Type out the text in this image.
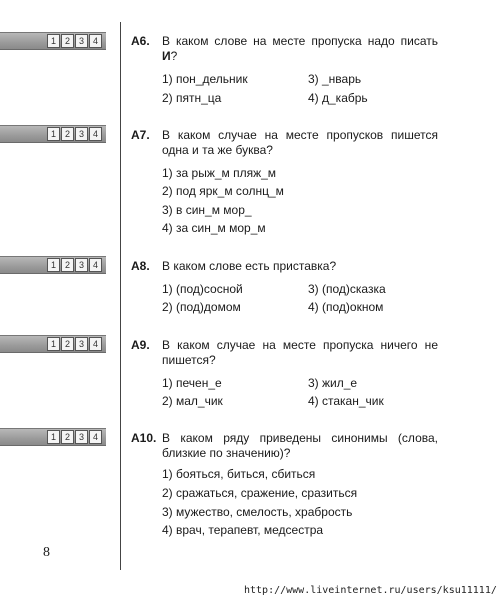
1 2 3 4
1 2 3 4
1 2 3 4
1 2 3 4
1 2 3 4
А6. В каком слове на месте пропуска надо писать И?
1) пон_дельник
2) пятн_ца
3) _нварь
4) д_кабрь
А7. В каком случае на месте пропусков пишется одна и та же буква?
1) за рыж_м пляж_м
2) под ярк_м солнц_м
3) в син_м мор_
4) за син_м мор_м
А8. В каком слове есть приставка?
1) (под)сосной
2) (под)домом
3) (под)сказка
4) (под)окном
А9. В каком случае на месте пропуска ничего не пишется?
1) печен_е
2) мал_чик
3) жил_е
4) стакан_чик
А10. В каком ряду приведены синонимы (слова, близкие по значению)?
1) бояться, биться, сбиться
2) сражаться, сражение, сразиться
3) мужество, смелость, храбрость
4) врач, терапевт, медсестра
8
http://www.liveinternet.ru/users/ksu11111/
